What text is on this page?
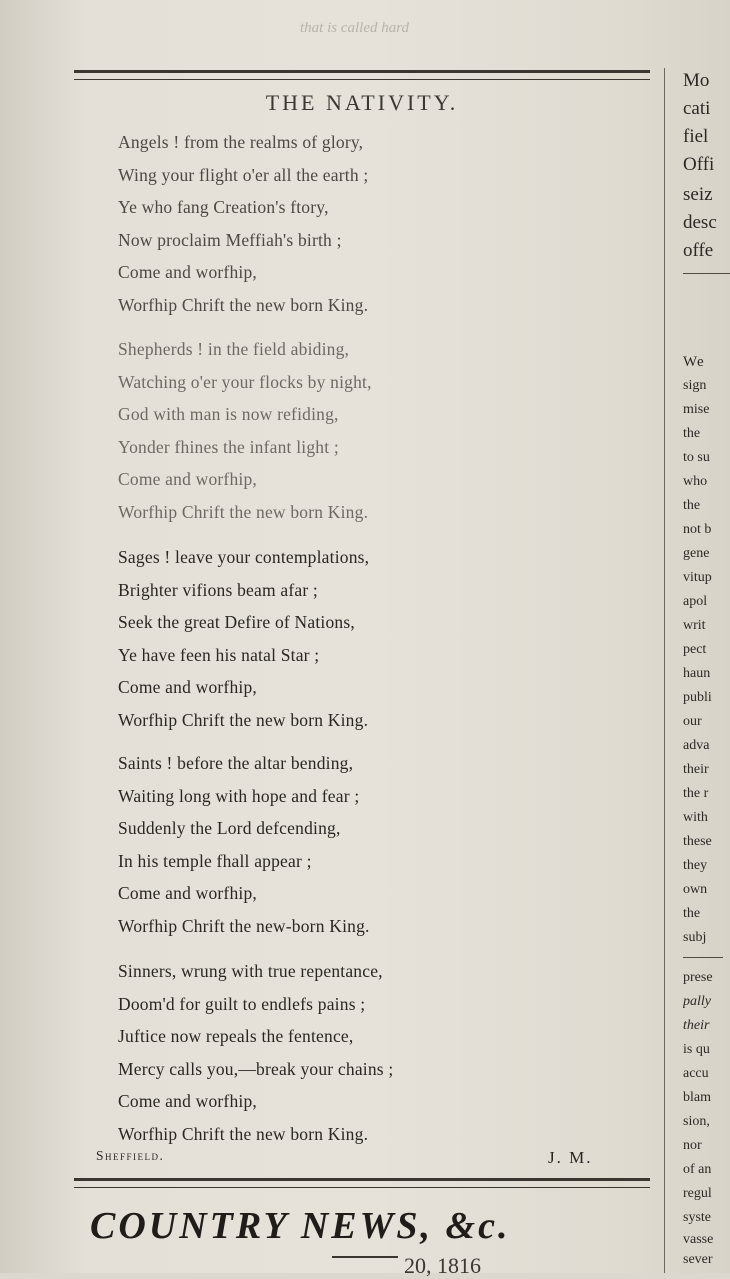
that is called hard
THE NATIVITY.
Angels ! from the realms of glory,
Wing your flight o'er all the earth ;
Ye who fang Creation's ftory,
Now proclaim Meffiah's birth ;
Come and worfhip,
Worfhip Chrift the new born King.
Shepherds ! in the field abiding,
Watching o'er your flocks by night,
God with man is now refiding,
Yonder fhines the infant light ;
Come and worfhip,
Worfhip Chrift the new born King.
Sages ! leave your contemplations,
Brighter vifions beam afar ;
Seek the great Defire of Nations,
Ye have feen his natal Star ;
Come and worfhip,
Worfhip Chrift the new born King.
Saints ! before the altar bending,
Waiting long with hope and fear ;
Suddenly the Lord defcending,
In his temple fhall appear ;
Come and worfhip,
Worfhip Chrift the new-born King.
Sinners, wrung with true repentance,
Doom'd for guilt to endlefs pains ;
Juftice now repeals the fentence,
Mercy calls you,—break your chains ;
Come and worfhip,
Worfhip Chrift the new born King.
Sheffield.	J. M.
COUNTRY NEWS, &c.
20, 1816
Mo
cati
fiel
Offi
seiz
desc
offe
We
sign
mise
the
to su
who
the
not b
gene
vitup
apol
writ
pect
haun
publi
our
adva
their
the r
with
these
they
own
the
subj
prese
pally
their
is qu
accu
blam
sion,
nor
of an
regul
syste
vasse
sever
